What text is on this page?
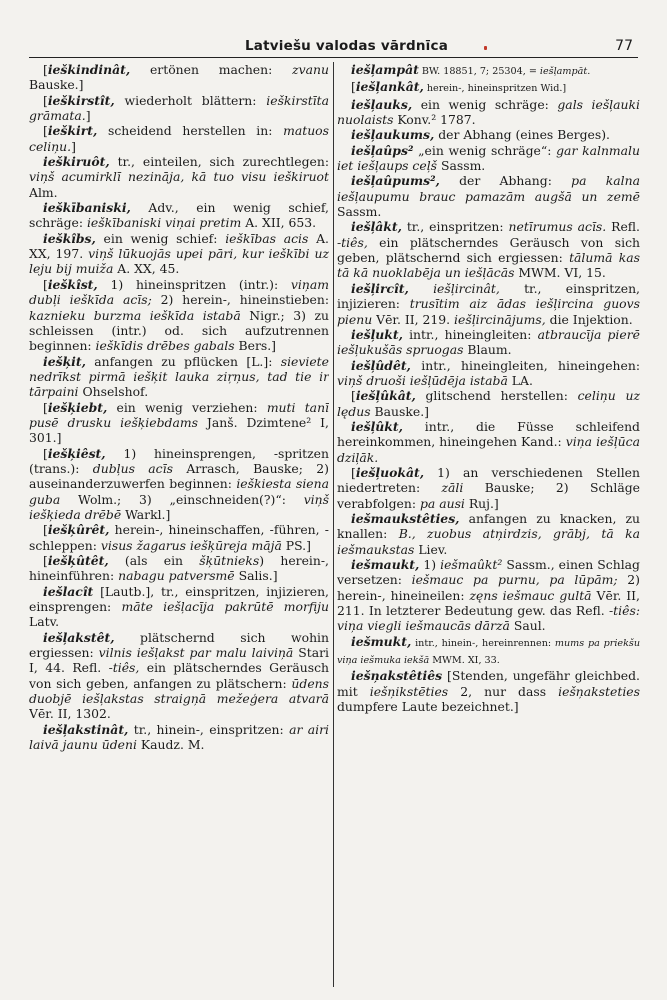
Latviešu valodas vārdnīca	77

[ieškindinât, ertönen machen: zvanu Bauske.]

[ieškirstît, wiederholt blättern: ieškirstīta grāmata.]

[ieškirt, scheidend herstellen in: matuos celiņu.]

ieškiruôt, tr., einteilen, sich zurechtlegen: viņš acumirklī nezināja, kā tuo visu ieškiruot Alm.

ieškībaniski, Adv., ein wenig schief, schräge: ieškībaniski viņai pretim A. XII, 653.

ieškîbs, ein wenig schief: ieškības acis A. XX, 197. viņš lūkuojās upei pāri, kur ieškībi uz leju bij muiža A. XX, 45.

[ieškîst, 1) hineinspritzen (intr.): viņam dubļi ieškīda acīs; 2) herein-, hineinstieben: kaznieku burzma ieškīda istabā Nigr.; 3) zu schleissen (intr.) od. sich aufzutrennen beginnen: ieškīdis drēbes gabals Bers.]

iešķit, anfangen zu pflücken [L.]: sieviete nedrīkst pirmā iešķit lauka ziŗņus, tad tie ir tārpaini Ohselshof.

[iešķiebt, ein wenig verziehen: muti tanī pusē drusku iešķiebdams Janš. Dzimtene² I, 301.]

[iešķiêst, 1) hineinsprengen, -spritzen (trans.): dubļus acīs Arrasch, Bauske; 2) auseinanderzuwerfen beginnen: ieškiesta siena guba Wolm.; 3) „einschneiden(?)“: viņš iešķieda drēbē Warkl.]

[iešķûrêt, herein-, hineinschaffen, -führen, -schleppen: visus žagarus iešķūreja mājā PS.]

[iešķûtêt, (als ein šķūtnieks) herein-, hineinführen: nabagu patversmē Salis.]

iešlacît [Lautb.], tr., einspritzen, injizieren, einsprengen: māte iešļacīja pakrūtē morfiju Latv.

iešļakstêt, plätschernd sich wohin ergiessen: vilnis iešļakst par malu laiviņā Stari I, 44. Refl. -tiês, ein plätscherndes Geräusch von sich geben, anfangen zu plätschern: ūdens duobjē iešļakstas straigņā mežeģera atvarā Vēr. II, 1302.

iešļakstinât, tr., hinein-, einspritzen: ar airi laivā jaunu ūdeni Kaudz. M.

iešļampât BW. 18851, 7; 25304, = iešļampāt.

[iešļankât, herein-, hineinspritzen Wid.]

iešļauks, ein wenig schräge: gals iešļauki nuolaists Konv.² 1787.

iešļaukums, der Abhang (eines Berges).

iešļaûps² „ein wenig schräge“: gar kalnmalu iet iešļaups ceļš Sassm.

iešļaûpums², der Abhang: pa kalna iešļaupumu brauc pamazām augšā un zemē Sassm.

iešļâkt, tr., einspritzen: netīrumus acīs. Refl. -tiês, ein plätscherndes Geräusch von sich geben, plätschernd sich ergiessen: tālumā kas tā kā nuoklabēja un iešļācās MWM. VI, 15.

iešļircît, iešļircinât, tr., einspritzen, injizieren: trusītim aiz ādas iešļircina guovs pienu Vēr. II, 219. iešļircinājums, die Injektion.

iešļukt, intr., hineingleiten: atbraucīja pierē iešļukušās spruogas Blaum.

iešļûdêt, intr., hineingleiten, hineingehen: viņš druoši iešļūdēja istabā LA.

[iešļûkât, glitschend herstellen: celiņu uz lędus Bauske.]

iešļûkt, intr., die Füsse schleifend hereinkommen, hineingehen Kand.: viņa iešļūca dziļāk.

[iešļuokât, 1) an verschiedenen Stellen niedertreten: zāli Bauske; 2) Schläge verabfolgen: pa ausi Ruj.]

iešmaukstêties, anfangen zu knacken, zu knallen: B., zuobus atņirdzis, grābj, tā ka iešmaukstas Liev.

iešmaukt, 1) iešmaûkt² Sassm., einen Schlag versetzen: iešmauc pa purnu, pa lūpām; 2) herein-, hineineilen: zęns iešmauc gultā Vēr. II, 211. In letzterer Bedeutung gew. das Refl. -tiês: viņa viegli iešmaucās dārzā Saul.

iešmukt, intr., hinein-, hereinrennen: mums pa priekšu viņa iešmuka iekšā MWM. XI, 33.

iešņakstêtiês [Stenden, ungefähr gleichbed. mit iešņikstēties 2, nur dass iešņaksteties dumpfere Laute bezeichnet.]
